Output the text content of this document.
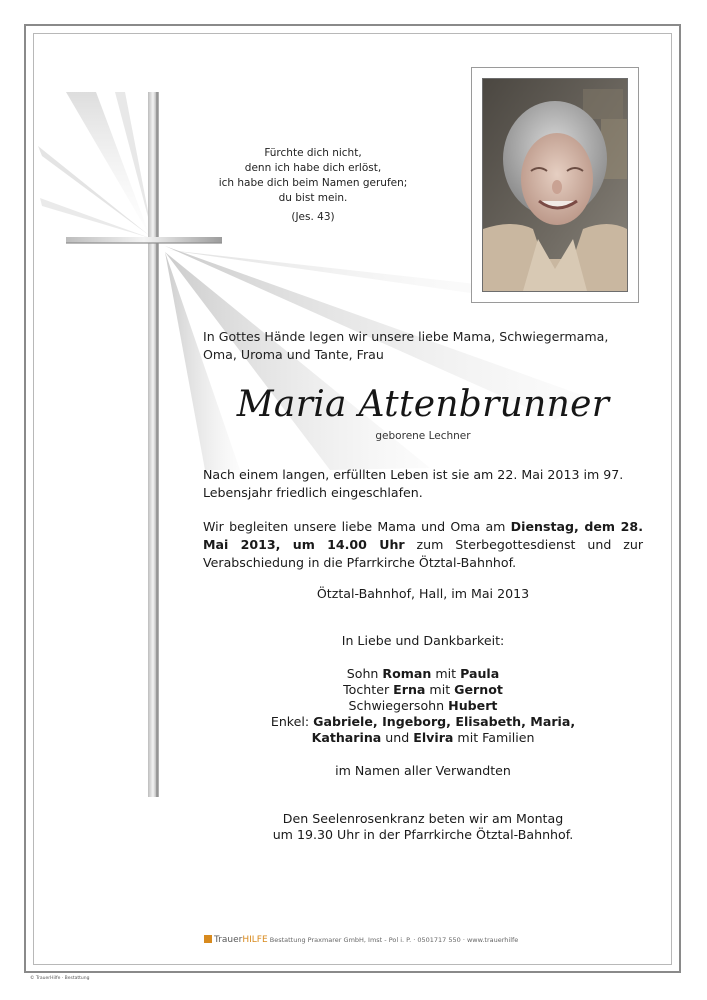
Fürchte dich nicht,
denn ich habe dich erlöst,
ich habe dich beim Namen gerufen;
du bist mein.
(Jes. 43)
In Gottes Hände legen wir unsere liebe Mama, Schwiegermama, Oma, Uroma und Tante, Frau
Maria Attenbrunner
geborene Lechner
Nach einem langen, erfüllten Leben ist sie am 22. Mai 2013 im 97. Lebensjahr friedlich eingeschlafen.
Wir begleiten unsere liebe Mama und Oma am Dienstag, dem 28. Mai 2013, um 14.00 Uhr zum Sterbegottesdienst und zur Verabschiedung in die Pfarrkirche Ötztal-Bahnhof.
Ötztal-Bahnhof, Hall, im Mai 2013
In Liebe und Dankbarkeit:
Sohn Roman mit Paula
Tochter Erna mit Gernot
Schwiegersohn Hubert
Enkel: Gabriele, Ingeborg, Elisabeth, Maria,
Katharina und Elvira mit Familien
im Namen aller Verwandten
Den Seelenrosenkranz beten wir am Montag
um 19.30 Uhr in der Pfarrkirche Ötztal-Bahnhof.
TrauerHILFE Bestattung Praxmarer GmbH, Imst - Pol i. P. · 0501717 550 · www.trauerhilfe
© TrauerHilfe · Bestattung
